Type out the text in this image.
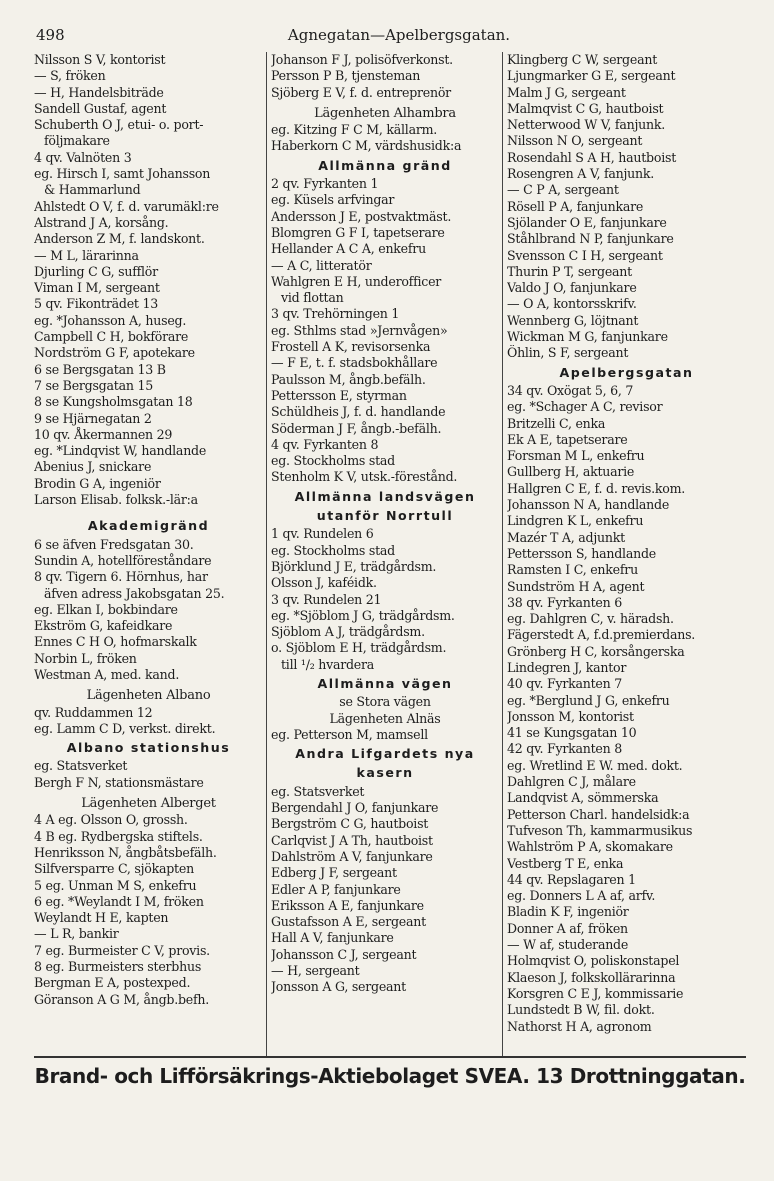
498	Agnegatan—Apelbergsgatan.
Nilsson S V, kontorist
— S, fröken
— H, Handelsbiträde
Sandell Gustaf, agent
Schuberth O J, etui- o. port-
följmakare
4 qv. Valnöten 3
eg. Hirsch I, samt Johansson
& Hammarlund
Ahlstedt O V, f. d. varumäkl:re
Alstrand J A, korsång.
Anderson Z M, f. landskont.
— M L, lärarinna
Djurling C G, sufflör
Viman I M, sergeant
5 qv. Fikonträdet 13
eg. *Johansson A, huseg.
Campbell C H, bokförare
Nordström G F, apotekare
6 se Bergsgatan 13 B
7 se Bergsgatan 15
8 se Kungsholmsgatan 18
9 se Hjärnegatan 2
10 qv. Åkermannen 29
eg. *Lindqvist W, handlande
Abenius J, snickare
Brodin G A, ingeniör
Larson Elisab. folksk.-lär:a
Akademigränd
6 se äfven Fredsgatan 30.
Sundin A, hotellföreståndare
8 qv. Tigern 6. Hörnhus, har
äfven adress Jakobsgatan 25.
eg. Elkan I, bokbindare
Ekström G, kafeidkare
Ennes C H O, hofmarskalk
Norbin L, fröken
Westman A, med. kand.
Lägenheten Albano
qv. Ruddammen 12
eg. Lamm C D, verkst. direkt.
Albano stationshus
eg. Statsverket
Bergh F N, stationsmästare
Lägenheten Alberget
4 A eg. Olsson O, grossh.
4 B eg. Rydbergska stiftels.
Henriksson N, ångbåtsbefälh.
Silfversparre C, sjökapten
5 eg. Unman M S, enkefru
6 eg. *Weylandt I M, fröken
Weylandt H E, kapten
— L R, bankir
7 eg. Burmeister C V, provis.
8 eg. Burmeisters sterbhus
Bergman E A, postexped.
Göranson A G M, ångb.befh.
Johanson F J, polisöfverkonst.
Persson P B, tjensteman
Sjöberg E V, f. d. entreprenör
Lägenheten Alhambra
eg. Kitzing F C M, källarm.
Haberkorn C M, värdshusidk:a
Allmänna gränd
2 qv. Fyrkanten 1
eg. Küsels arfvingar
Andersson J E, postvaktmäst.
Blomgren G F I, tapetserare
Hellander A C A, enkefru
— A C, litteratör
Wahlgren E H, underofficer
vid flottan
3 qv. Trehörningen 1
eg. Sthlms stad »Jernvågen»
Frostell A K, revisorsenka
— F E, t. f. stadsbokhållare
Paulsson M, ångb.befälh.
Pettersson E, styrman
Schüldheis J, f. d. handlande
Söderman J F, ångb.-befälh.
4 qv. Fyrkanten 8
eg. Stockholms stad
Stenholm K V, utsk.-förestånd.
Allmänna landsvägen
utanför Norrtull
1 qv. Rundelen 6
eg. Stockholms stad
Björklund J E, trädgårdsm.
Olsson J, kaféidk.
3 qv. Rundelen 21
eg. *Sjöblom J G, trädgårdsm.
Sjöblom A J, trädgårdsm.
o. Sjöblom E H, trädgårdsm.
till ¹/₂ hvardera
Allmänna vägen
se Stora vägen
Lägenheten Alnäs
eg. Petterson M, mamsell
Andra Lifgardets nya
kasern
eg. Statsverket
Bergendahl J O, fanjunkare
Bergström C G, hautboist
Carlqvist J A Th, hautboist
Dahlström A V, fanjunkare
Edberg J F, sergeant
Edler A P, fanjunkare
Eriksson A E, fanjunkare
Gustafsson A E, sergeant
Hall A V, fanjunkare
Johansson C J, sergeant
— H, sergeant
Jonsson A G, sergeant
Klingberg C W, sergeant
Ljungmarker G E, sergeant
Malm J G, sergeant
Malmqvist C G, hautboist
Netterwood W V, fanjunk.
Nilsson N O, sergeant
Rosendahl S A H, hautboist
Rosengren A V, fanjunk.
— C P A, sergeant
Rösell P A, fanjunkare
Sjölander O E, fanjunkare
Ståhlbrand N P, fanjunkare
Svensson C I H, sergeant
Thurin P T, sergeant
Valdo J O, fanjunkare
— O A, kontorsskrifv.
Wennberg G, löjtnant
Wickman M G, fanjunkare
Öhlin, S F, sergeant
Apelbergsgatan
34 qv. Oxögat 5, 6, 7
eg. *Schager A C, revisor
Britzelli C, enka
Ek A E, tapetserare
Forsman M L, enkefru
Gullberg H, aktuarie
Hallgren C E, f. d. revis.kom.
Johansson N A, handlande
Lindgren K L, enkefru
Mazér T A, adjunkt
Pettersson S, handlande
Ramsten I C, enkefru
Sundström H A, agent
38 qv. Fyrkanten 6
eg. Dahlgren C, v. häradsh.
Fägerstedt A, f.d.premierdans.
Grönberg H C, korsångerska
Lindegren J, kantor
40 qv. Fyrkanten 7
eg. *Berglund J G, enkefru
Jonsson M, kontorist
41 se Kungsgatan 10
42 qv. Fyrkanten 8
eg. Wretlind E W. med. dokt.
Dahlgren C J, målare
Landqvist A, sömmerska
Petterson Charl. handelsidk:a
Tufveson Th, kammarmusikus
Wahlström P A, skomakare
Vestberg T E, enka
44 qv. Repslagaren 1
eg. Donners L A af, arfv.
Bladin K F, ingeniör
Donner A af, fröken
— W af, studerande
Holmqvist O, poliskonstapel
Klaeson J, folkskollärarinna
Korsgren C E J, kommissarie
Lundstedt B W, fil. dokt.
Nathorst H A, agronom
Brand- och Lifförsäkrings-Aktiebolaget SVEA. 13 Drottninggatan.
